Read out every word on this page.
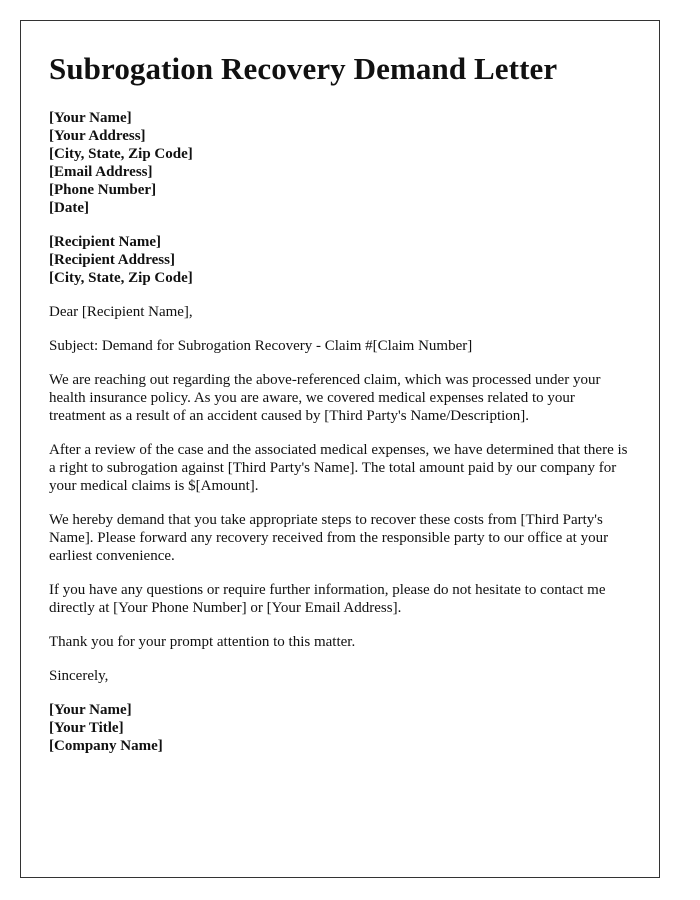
Subrogation Recovery Demand Letter
[Your Name]
[Your Address]
[City, State, Zip Code]
[Email Address]
[Phone Number]
[Date]
[Recipient Name]
[Recipient Address]
[City, State, Zip Code]

Dear [Recipient Name],

Subject: Demand for Subrogation Recovery - Claim #[Claim Number]

We are reaching out regarding the above-referenced claim, which was processed under your health insurance policy. As you are aware, we covered medical expenses related to your treatment as a result of an accident caused by [Third Party's Name/Description].

After a review of the case and the associated medical expenses, we have determined that there is a right to subrogation against [Third Party's Name]. The total amount paid by our company for your medical claims is $[Amount].

We hereby demand that you take appropriate steps to recover these costs from [Third Party's Name]. Please forward any recovery received from the responsible party to our office at your earliest convenience.

If you have any questions or require further information, please do not hesitate to contact me directly at [Your Phone Number] or [Your Email Address].

Thank you for your prompt attention to this matter.

Sincerely,

[Your Name]
[Your Title]
[Company Name]
